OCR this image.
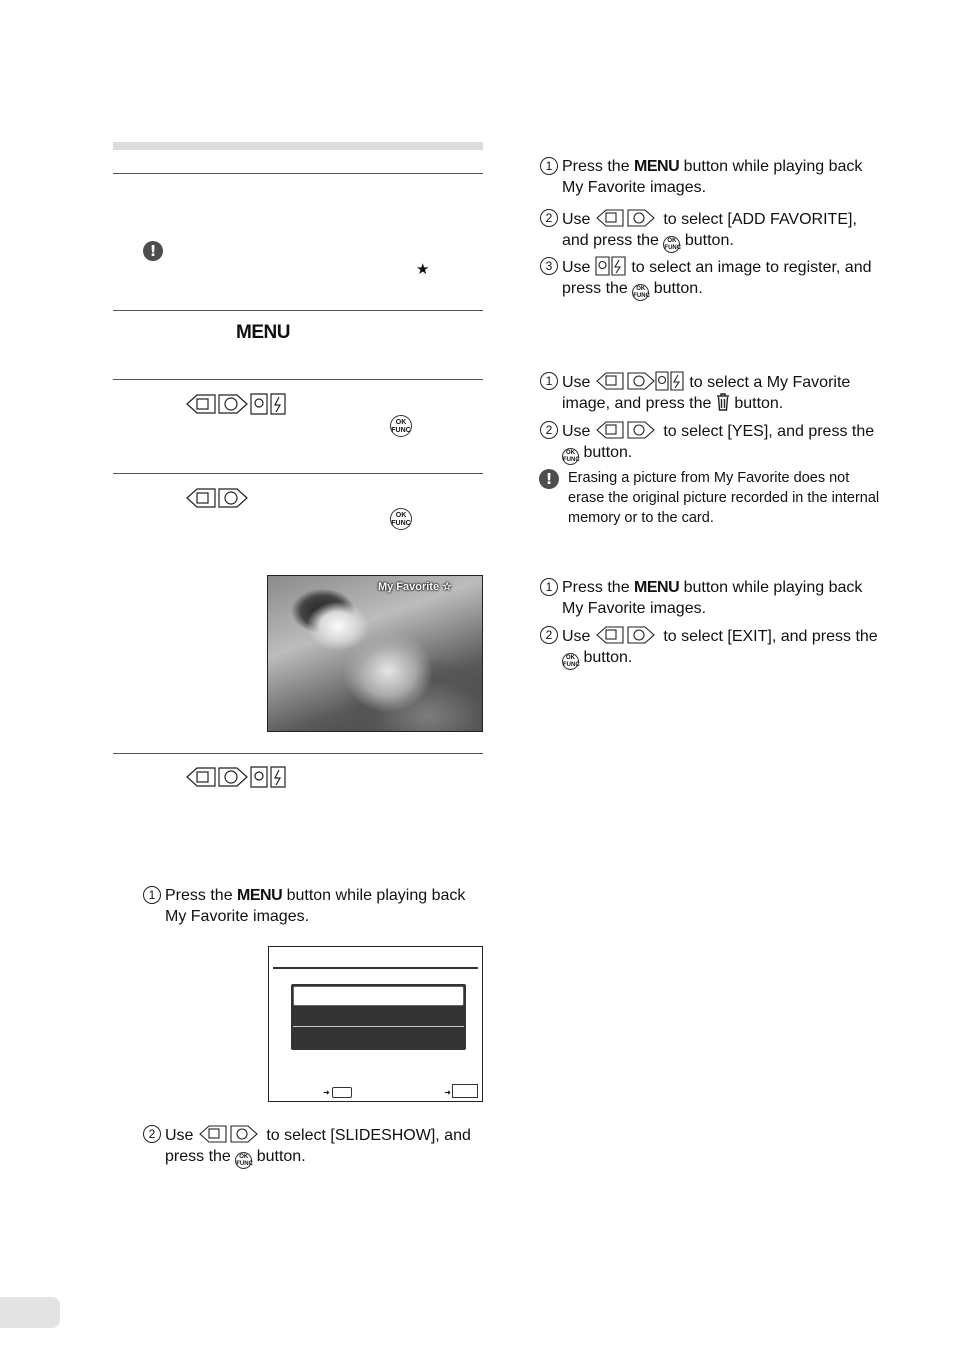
!
★
MENU
OK
FUNC
OK
FUNC
My Favorite ☆
1 Press the MENU button while playing back My Favorite images.
➜	➜
2 Use	to select [SLIDESHOW], and press the OK
FUNC button.
1 Press the MENU button while playing back My Favorite images.
2 Use	to select [ADD FAVORITE], and press the OK
FUNC button.
3 Use  to select an image to register, and press the OK
FUNC button.
1 Use	to select a My Favorite image, and press the  button.
2 Use	to select [YES], and press the OK
FUNC button.
!	Erasing a picture from My Favorite does not erase the original picture recorded in the internal memory or to the card.
1 Press the MENU button while playing back My Favorite images.
2 Use	to select [EXIT], and press the OK
FUNC button.
